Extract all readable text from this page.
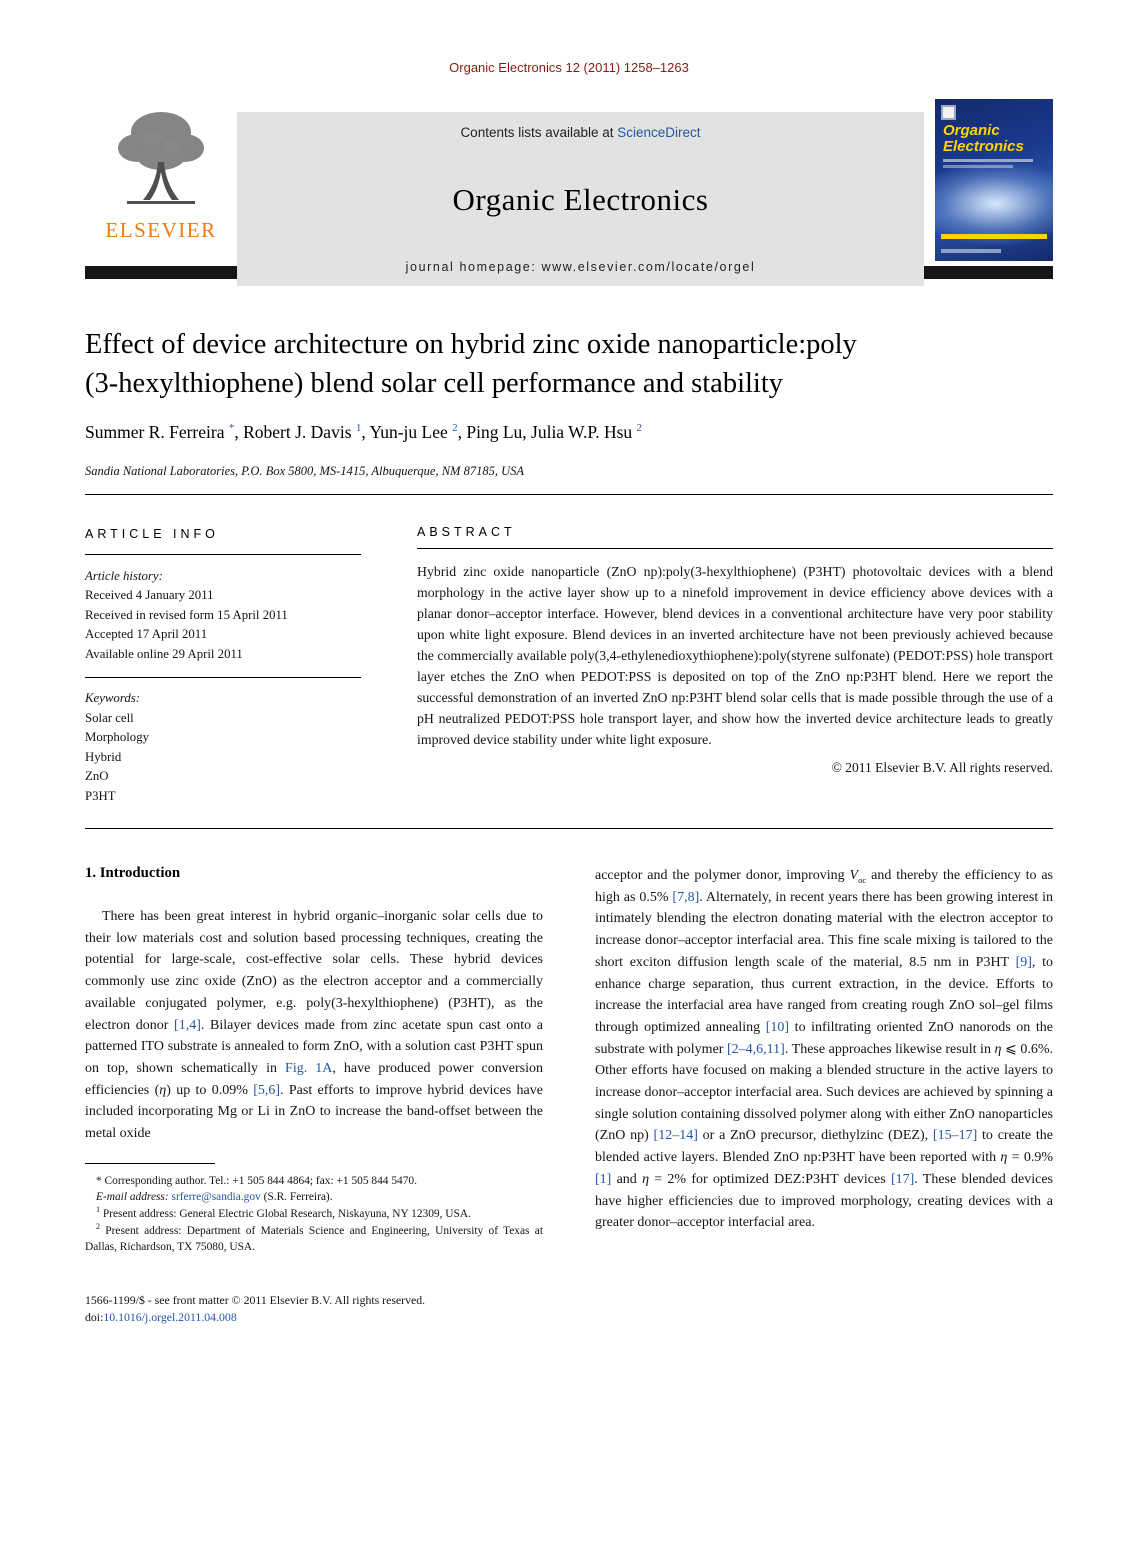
Organic Electronics 12 (2011) 1258–1263
ELSEVIER
Contents lists available at ScienceDirect
Organic Electronics
journal homepage: www.elsevier.com/locate/orgel
Organic
Electronics
Effect of device architecture on hybrid zinc oxide nanoparticle:poly
(3-hexylthiophene) blend solar cell performance and stability
Summer R. Ferreira *, Robert J. Davis $^1$, Yun-ju Lee $^2$, Ping Lu, Julia W.P. Hsu $^2$
Sandia National Laboratories, P.O. Box 5800, MS-1415, Albuquerque, NM 87185, USA
ARTICLE INFO
Article history:
Received 4 January 2011
Received in revised form 15 April 2011
Accepted 17 April 2011
Available online 29 April 2011
Keywords:
Solar cell
Morphology
Hybrid
ZnO
P3HT
ABSTRACT

Hybrid zinc oxide nanoparticle (ZnO np):poly(3-hexylthiophene) (P3HT) photovoltaic devices with a blend morphology in the active layer show up to a ninefold improvement in device efficiency above devices with a planar donor–acceptor interface. However, blend devices in a conventional architecture have very poor stability upon white light exposure. Blend devices in an inverted architecture have not been previously achieved because the commercially available poly(3,4-ethylenedioxythiophene):poly(styrene sulfonate) (PEDOT:PSS) hole transport layer etches the ZnO when PEDOT:PSS is deposited on top of the ZnO np:P3HT blend. Here we report the successful demonstration of an inverted ZnO np:P3HT blend solar cells that is made possible through the use of a pH neutralized PEDOT:PSS hole transport layer, and show how the inverted device architecture leads to greatly improved device stability under white light exposure.

© 2011 Elsevier B.V. All rights reserved.
1. Introduction

There has been great interest in hybrid organic–inorganic solar cells due to their low materials cost and solution based processing techniques, creating the potential for large-scale, cost-effective solar cells. These hybrid devices commonly use zinc oxide (ZnO) as the electron acceptor and a commercially available conjugated polymer, e.g. poly(3-hexylthiophene) (P3HT), as the electron donor [1,4]. Bilayer devices made from zinc acetate spun cast onto a patterned ITO substrate is annealed to form ZnO, with a solution cast P3HT spun on top, shown schematically in Fig. 1A, have produced power conversion efficiencies (η) up to 0.09% [5,6]. Past efforts to improve hybrid devices have included incorporating Mg or Li in ZnO to increase the band-offset between the metal oxide

* Corresponding author. Tel.: +1 505 844 4864; fax: +1 505 844 5470.

E-mail address: srferre@sandia.gov (S.R. Ferreira).

$^1$ Present address: General Electric Global Research, Niskayuna, NY 12309, USA.

$^2$ Present address: Department of Materials Science and Engineering, University of Texas at Dallas, Richardson, TX 75080, USA.

1566-1199/$ - see front matter © 2011 Elsevier B.V. All rights reserved.
doi:10.1016/j.orgel.2011.04.008

acceptor and the polymer donor, improving $V_{oc}$ and thereby the efficiency to as high as 0.5% [7,8]. Alternately, in recent years there has been growing interest in intimately blending the electron donating material with the electron acceptor to increase donor–acceptor interfacial area. This fine scale mixing is tailored to the short exciton diffusion length scale of the material, 8.5 nm in P3HT [9], to enhance charge separation, thus current extraction, in the device. Efforts to increase the interfacial area have ranged from creating rough ZnO sol–gel films through optimized annealing [10] to infiltrating oriented ZnO nanorods on the substrate with polymer [2–4,6,11]. These approaches likewise result in η ⩽ 0.6%. Other efforts have focused on making a blended structure in the active layers to increase donor–acceptor interfacial area. Such devices are achieved by spinning a single solution containing dissolved polymer along with either ZnO nanoparticles (ZnO np) [12–14] or a ZnO precursor, diethylzinc (DEZ), [15–17] to create the blended active layers. Blended ZnO np:P3HT have been reported with η = 0.9% [1] and η = 2% for optimized DEZ:P3HT devices [17]. These blended devices have higher efficiencies due to improved morphology, creating devices with a greater donor–acceptor interfacial area.
